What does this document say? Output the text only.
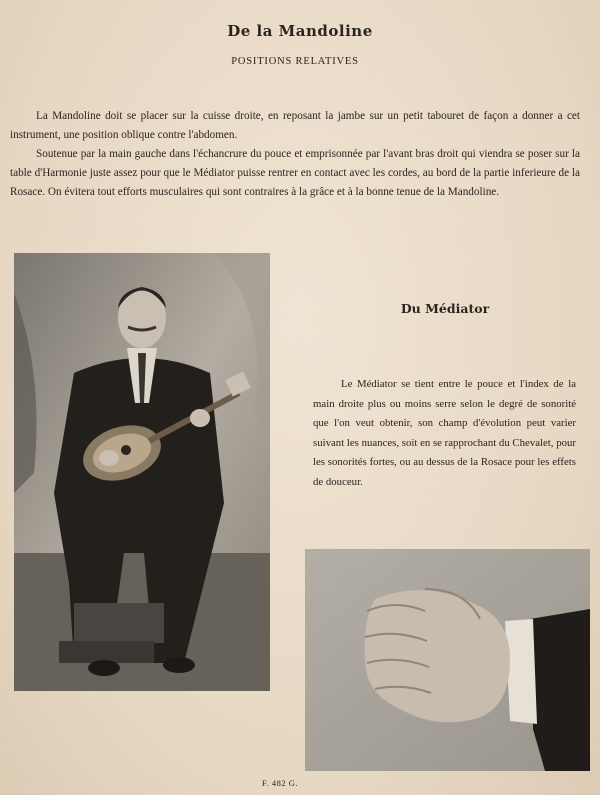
De la Mandoline
POSITIONS RELATIVES

La Mandoline doit se placer sur la cuisse droite, en reposant la jambe sur un petit tabouret de façon a donner a cet instrument, une position oblique contre l'abdomen.

Soutenue par la main gauche dans l'échancrure du pouce et emprisonnée par l'avant bras droit qui viendra se poser sur la table d'Harmonie juste assez pour que le Médiator puisse rentrer en contact avec les cordes, au bord de la partie inferieure de la Rosace. On évitera tout efforts musculaires qui sont contraires à la grâce et à la bonne tenue de la Mandoline.

Du Médiator

Le Médiator se tient entre le pouce et l'index de la main droite plus ou moins serre selon le degré de sonorité que l'on veut obtenir, son champ d'évolution peut varier suivant les nuances, soit en se rapprochant du Chevalet, pour les sonorités fortes, ou au dessus de la Rosace pour les effets de douceur.

F. 482 G.
